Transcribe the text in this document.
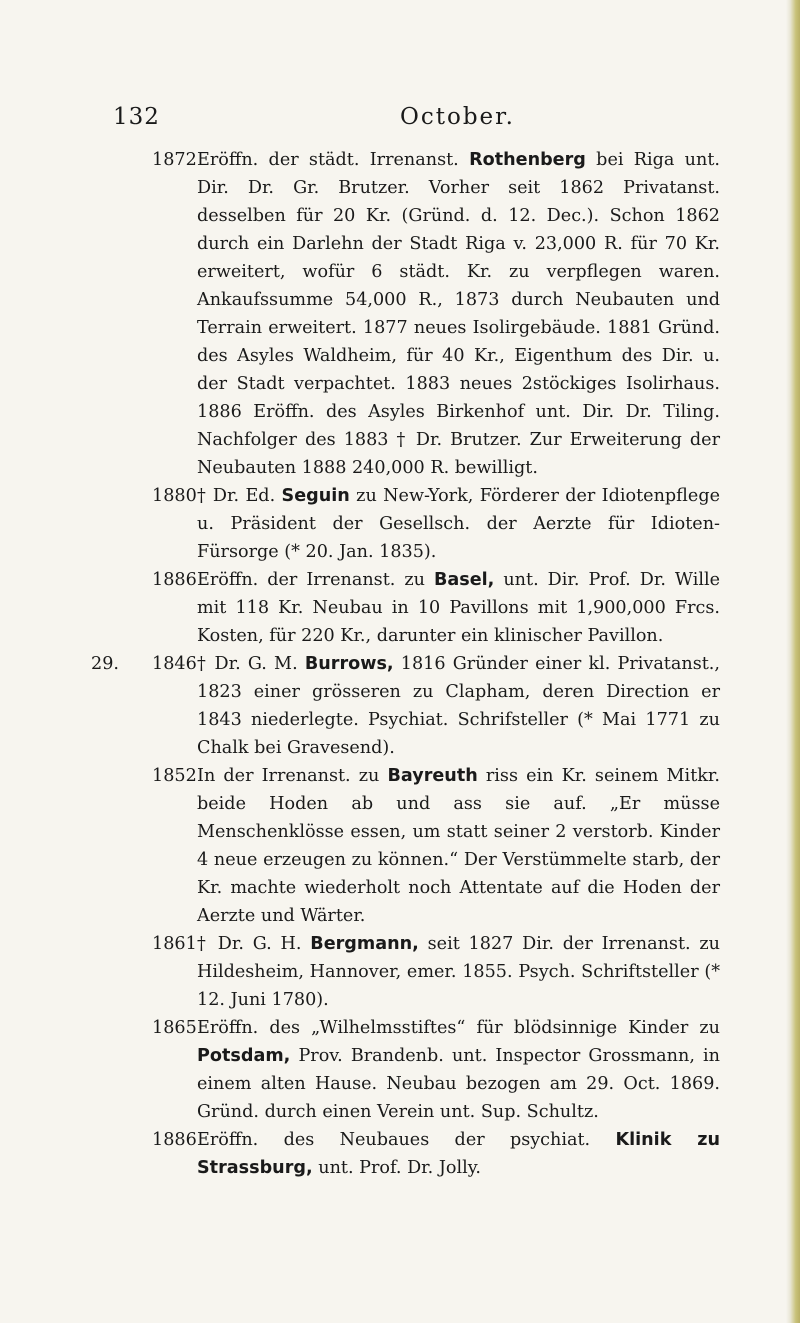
132	October.
1872 Eröffn. der städt. Irrenanst. Rothenberg bei Riga unt. Dir. Dr. Gr. Brutzer. Vorher seit 1862 Privatanst. desselben für 20 Kr. (Gründ. d. 12. Dec.). Schon 1862 durch ein Darlehn der Stadt Riga v. 23,000 R. für 70 Kr. erweitert, wofür 6 städt. Kr. zu verpflegen waren. Ankaufssumme 54,000 R., 1873 durch Neubauten und Terrain erweitert. 1877 neues Isolirgebäude. 1881 Gründ. des Asyles Waldheim, für 40 Kr., Eigenthum des Dir. u. der Stadt verpachtet. 1883 neues 2stöckiges Isolirhaus. 1886 Eröffn. des Asyles Birkenhof unt. Dir. Dr. Tiling. Nachfolger des 1883 † Dr. Brutzer. Zur Erweiterung der Neubauten 1888 240,000 R. bewilligt.
1880 † Dr. Ed. Seguin zu New-York, Förderer der Idiotenpflege u. Präsident der Gesellsch. der Aerzte für Idioten-Fürsorge (* 20. Jan. 1835).
1886 Eröffn. der Irrenanst. zu Basel, unt. Dir. Prof. Dr. Wille mit 118 Kr. Neubau in 10 Pavillons mit 1,900,000 Frcs. Kosten, für 220 Kr., darunter ein klinischer Pavillon.
29.	1846 † Dr. G. M. Burrows, 1816 Gründer einer kl. Privatanst., 1823 einer grösseren zu Clapham, deren Direction er 1843 niederlegte. Psychiat. Schrifsteller (* Mai 1771 zu Chalk bei Gravesend).
1852 In der Irrenanst. zu Bayreuth riss ein Kr. seinem Mitkr. beide Hoden ab und ass sie auf. „Er müsse Menschenklösse essen, um statt seiner 2 verstorb. Kinder 4 neue erzeugen zu können.“ Der Verstümmelte starb, der Kr. machte wiederholt noch Attentate auf die Hoden der Aerzte und Wärter.
1861 † Dr. G. H. Bergmann, seit 1827 Dir. der Irrenanst. zu Hildesheim, Hannover, emer. 1855. Psych. Schriftsteller (* 12. Juni 1780).
1865 Eröffn. des „Wilhelmsstiftes“ für blödsinnige Kinder zu Potsdam, Prov. Brandenb. unt. Inspector Grossmann, in einem alten Hause. Neubau bezogen am 29. Oct. 1869. Gründ. durch einen Verein unt. Sup. Schultz.
1886 Eröffn. des Neubaues der psychiat. Klinik zu Strassburg, unt. Prof. Dr. Jolly.
